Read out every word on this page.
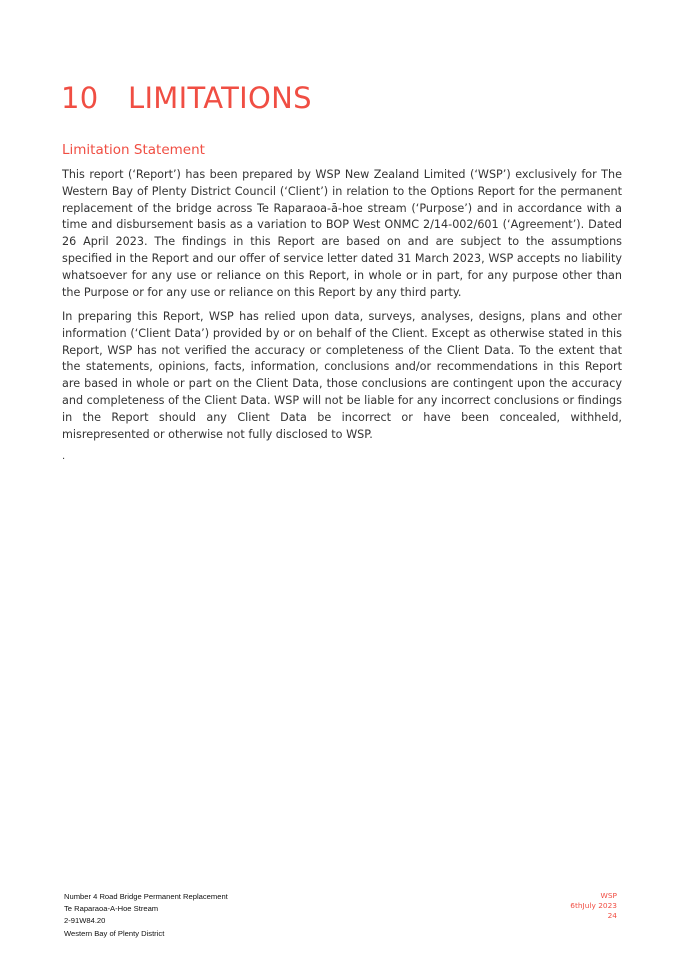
10 LIMITATIONS
Limitation Statement

This report (‘Report’) has been prepared by WSP New Zealand Limited (‘WSP’) exclusively for The Western Bay of Plenty District Council (‘Client’) in relation to the Options Report for the permanent replacement of the bridge across Te Raparaoa-ā-hoe stream (‘Purpose’) and in accordance with a time and disbursement basis as a variation to BOP West ONMC 2/14-002/601 (‘Agreement’). Dated 26 April 2023. The findings in this Report are based on and are subject to the assumptions specified in the Report and our offer of service letter dated 31 March 2023, WSP accepts no liability whatsoever for any use or reliance on this Report, in whole or in part, for any purpose other than the Purpose or for any use or reliance on this Report by any third party.

In preparing this Report, WSP has relied upon data, surveys, analyses, designs, plans and other information (‘Client Data’) provided by or on behalf of the Client. Except as otherwise stated in this Report, WSP has not verified the accuracy or completeness of the Client Data. To the extent that the statements, opinions, facts, information, conclusions and/or recommendations in this Report are based in whole or part on the Client Data, those conclusions are contingent upon the accuracy and completeness of the Client Data. WSP will not be liable for any incorrect conclusions or findings in the Report should any Client Data be incorrect or have been concealed, withheld, misrepresented or otherwise not fully disclosed to WSP.

.
Number 4 Road Bridge Permanent Replacement
Te Raparaoa-A-Hoe Stream
2-91W84.20
Western Bay of Plenty District
WSP
6thJuly 2023
24
